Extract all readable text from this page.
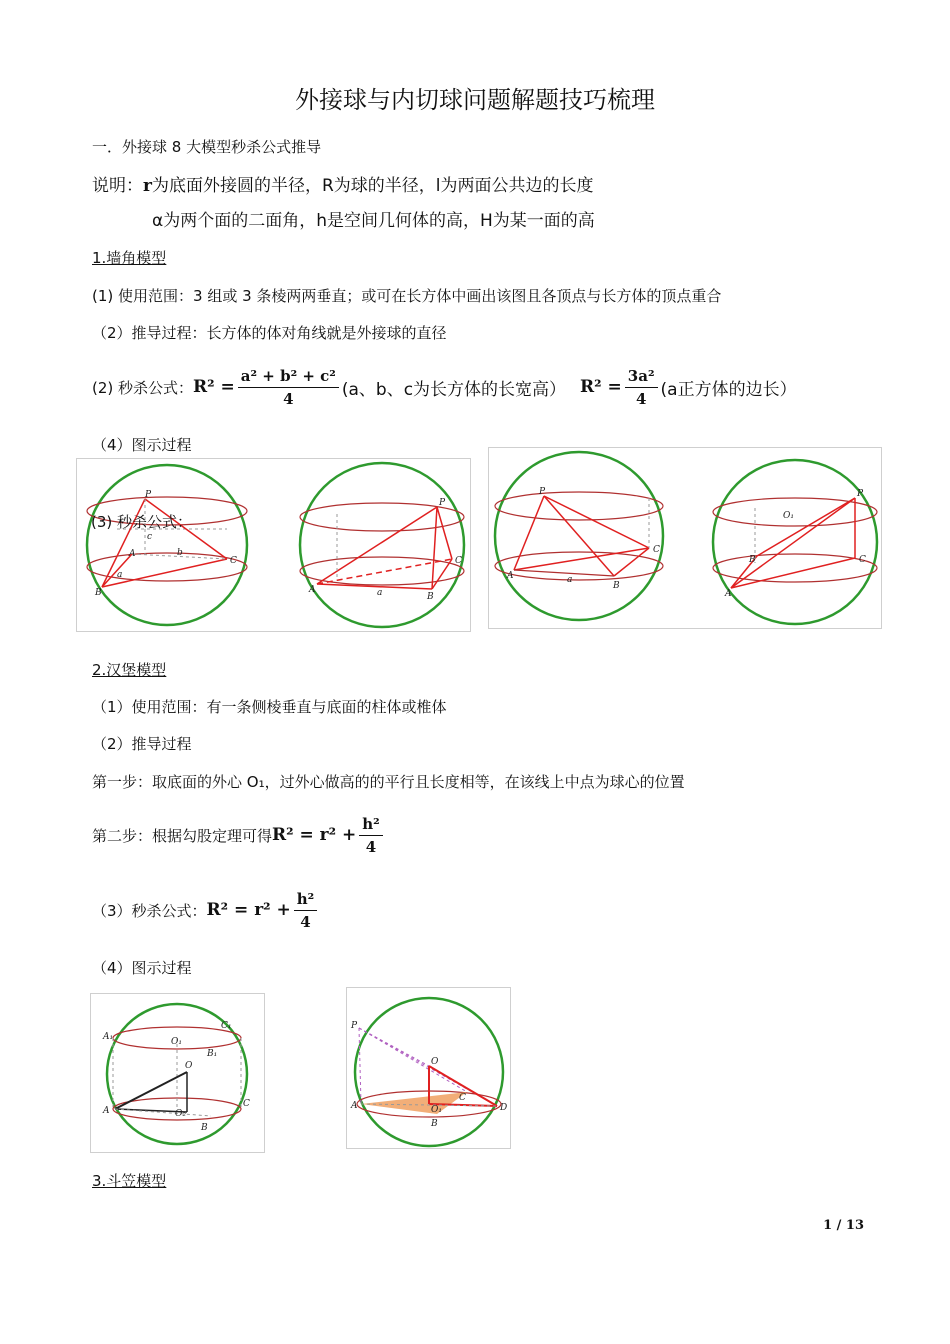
外接球与内切球问题解题技巧梳理
一．外接球 8 大模型秒杀公式推导
说明：r为底面外接圆的半径，R为球的半径，l为两面公共边的长度
α为两个面的二面角，h是空间几何体的高，H为某一面的高
1.墙角模型
(1) 使用范围：3 组或 3 条棱两两垂直；或可在长方体中画出该图且各顶点与长方体的顶点重合
（2）推导过程：长方体的体对角线就是外接球的直径
(2) 秒杀公式： $R^2 = \frac{\text{a² + b² + c²}}{4} (a$、b、c为长方体的长宽高） $R^2 = \frac{\text{3a²}}{4} (a$正方体的边长）
（4）图示过程
P
A
B
C
b
c
a
P
A
B
C
a
(3) 秒杀公式：
P
A
B
C
a
O₁
P
A
B	C
2.汉堡模型
（1）使用范围：有一条侧棱垂直与底面的柱体或椎体
（2）推导过程
第一步：取底面的外心 O₁，过外心做高的的平行且长度相等，在该线上中点为球心的位置
第二步：根据勾股定理可得 $R^2 = r^2 + \frac{\text{h²}}{4}$
（3）秒杀公式： $R^2 = r^2 + \frac{\text{h²}}{4}$
（4）图示过程
O
A₁
B₁
C₁
O₁
O₂
A
B
C
P
O
A
B
C
D
O₁
3.斗笠模型
1 / 13
